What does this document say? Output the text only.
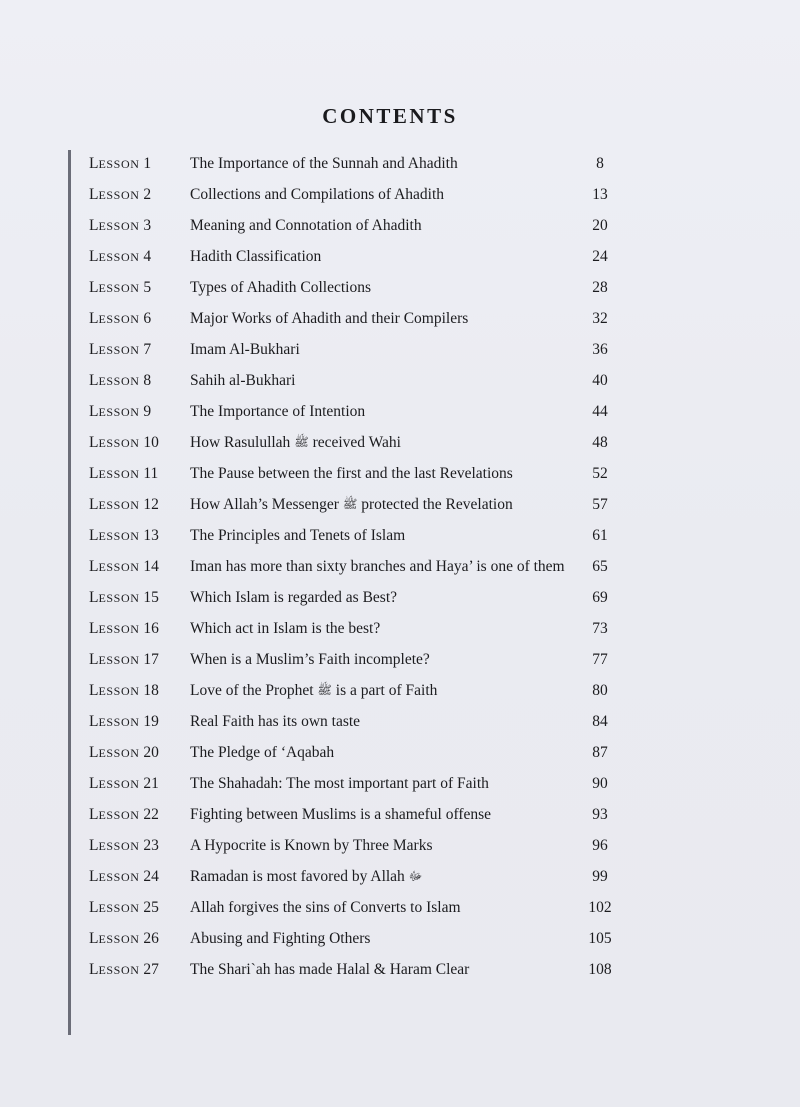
CONTENTS
LESSON 1	The Importance of the Sunnah and Ahadith	8
LESSON 2	Collections and Compilations of Ahadith	13
LESSON 3	Meaning and Connotation of Ahadith	20
LESSON 4	Hadith Classification	24
LESSON 5	Types of Ahadith Collections	28
LESSON 6	Major Works of Ahadith and their Compilers	32
LESSON 7	Imam Al-Bukhari	36
LESSON 8	Sahih al-Bukhari	40
LESSON 9	The Importance of Intention	44
LESSON 10 How Rasulullah ﷺ received Wahi	48
LESSON 11 The Pause between the first and the last Revelations	52
LESSON 12 How Allah’s Messenger ﷺ protected the Revelation	57
LESSON 13 The Principles and Tenets of Islam	61
LESSON 14 Iman has more than sixty branches and Haya’ is one of them	65
LESSON 15 Which Islam is regarded as Best?	69
LESSON 16 Which act in Islam is the best?	73
LESSON 17 When is a Muslim’s Faith incomplete?	77
LESSON 18 Love of the Prophet ﷺ is a part of Faith	80
LESSON 19 Real Faith has its own taste	84
LESSON 20 The Pledge of ‘Aqabah	87
LESSON 21 The Shahadah: The most important part of Faith	90
LESSON 22 Fighting between Muslims is a shameful offense	93
LESSON 23 A Hypocrite is Known by Three Marks	96
LESSON 24 Ramadan is most favored by Allah ﷻ	99
LESSON 25 Allah forgives the sins of Converts to Islam	102
LESSON 26 Abusing and Fighting Others	105
LESSON 27 The Shari`ah has made Halal & Haram Clear	108
